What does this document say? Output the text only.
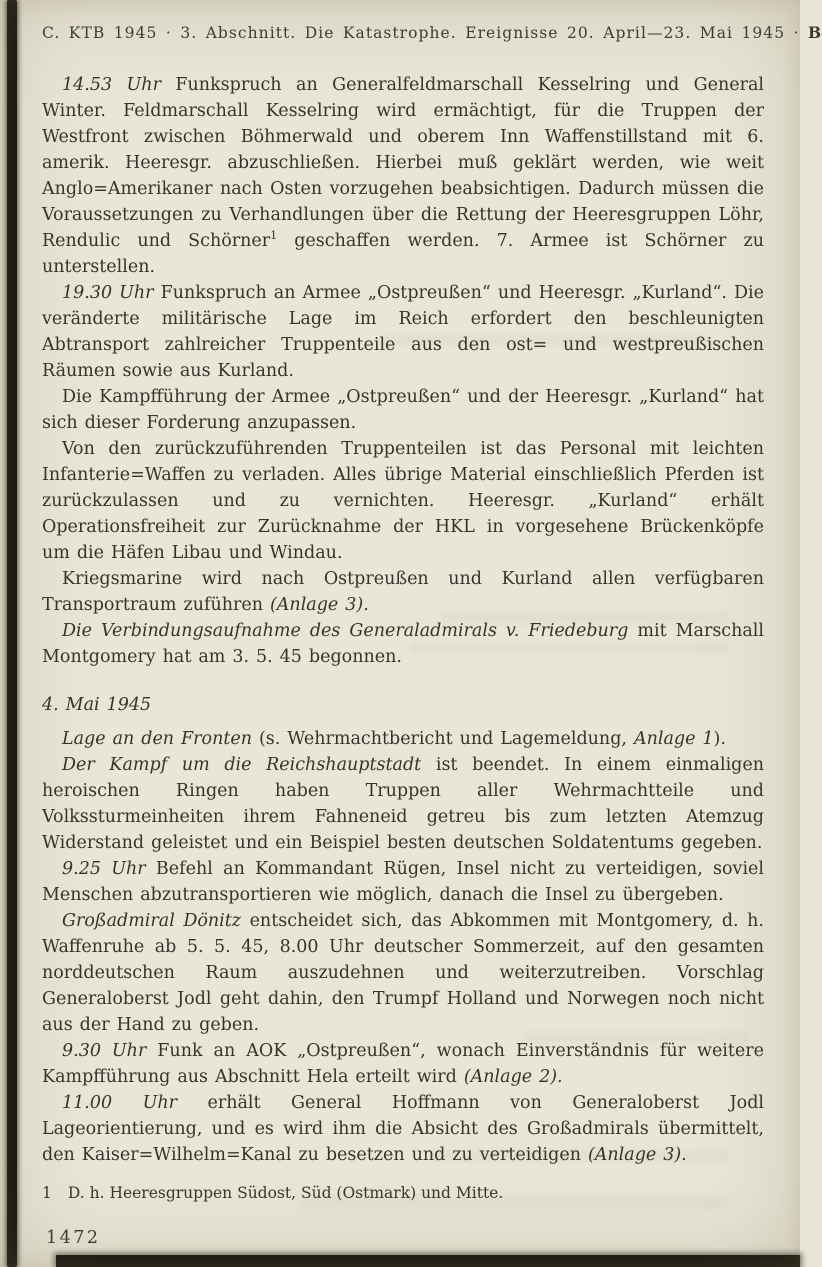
C. KTB 1945 · 3. Abschnitt. Die Katastrophe. Ereignisse 20. April—23. Mai 1945 · B

14.53 Uhr Funkspruch an Generalfeldmarschall Kesselring und General Winter. Feldmarschall Kesselring wird ermächtigt, für die Truppen der Westfront zwischen Böhmerwald und oberem Inn Waffenstillstand mit 6. amerik. Heeresgr. abzuschließen. Hierbei muß geklärt werden, wie weit Anglo=Amerikaner nach Osten vorzugehen beabsichtigen. Dadurch müssen die Voraussetzungen zu Verhandlungen über die Rettung der Heeresgruppen Löhr, Rendulic und Schörner$^1$ geschaffen werden. 7. Armee ist Schörner zu unterstellen.

19.30 Uhr Funkspruch an Armee „Ostpreußen“ und Heeresgr. „Kurland“. Die veränderte militärische Lage im Reich erfordert den beschleunigten Abtransport zahlreicher Truppenteile aus den ost= und westpreußischen Räumen sowie aus Kurland.

Die Kampfführung der Armee „Ostpreußen“ und der Heeresgr. „Kurland“ hat sich dieser Forderung anzupassen.

Von den zurückzuführenden Truppenteilen ist das Personal mit leichten Infanterie=Waffen zu verladen. Alles übrige Material einschließlich Pferden ist zurückzulassen und zu vernichten. Heeresgr. „Kurland“ erhält Operationsfreiheit zur Zurücknahme der HKL in vorgesehene Brückenköpfe um die Häfen Libau und Windau.

Kriegsmarine wird nach Ostpreußen und Kurland allen verfügbaren Transportraum zuführen (Anlage 3).

Die Verbindungsaufnahme des Generaladmirals v. Friedeburg mit Marschall Montgomery hat am 3. 5. 45 begonnen.

4. Mai 1945

Lage an den Fronten (s. Wehrmachtbericht und Lagemeldung, Anlage 1).

Der Kampf um die Reichshauptstadt ist beendet. In einem einmaligen heroischen Ringen haben Truppen aller Wehrmachtteile und Volkssturmeinheiten ihrem Fahneneid getreu bis zum letzten Atemzug Widerstand geleistet und ein Beispiel besten deutschen Soldatentums gegeben.

9.25 Uhr Befehl an Kommandant Rügen, Insel nicht zu verteidigen, soviel Menschen abzutransportieren wie möglich, danach die Insel zu übergeben.

Großadmiral Dönitz entscheidet sich, das Abkommen mit Montgomery, d. h. Waffenruhe ab 5. 5. 45, 8.00 Uhr deutscher Sommerzeit, auf den gesamten norddeutschen Raum auszudehnen und weiterzutreiben. Vorschlag Generaloberst Jodl geht dahin, den Trumpf Holland und Norwegen noch nicht aus der Hand zu geben.

9.30 Uhr Funk an AOK „Ostpreußen“, wonach Einverständnis für weitere Kampfführung aus Abschnitt Hela erteilt wird (Anlage 2).

11.00 Uhr erhält General Hoffmann von Generaloberst Jodl Lageorientierung, und es wird ihm die Absicht des Großadmirals übermittelt, den Kaiser=Wilhelm=Kanal zu besetzen und zu verteidigen (Anlage 3).

1 D. h. Heeresgruppen Südost, Süd (Ostmark) und Mitte.
1472
